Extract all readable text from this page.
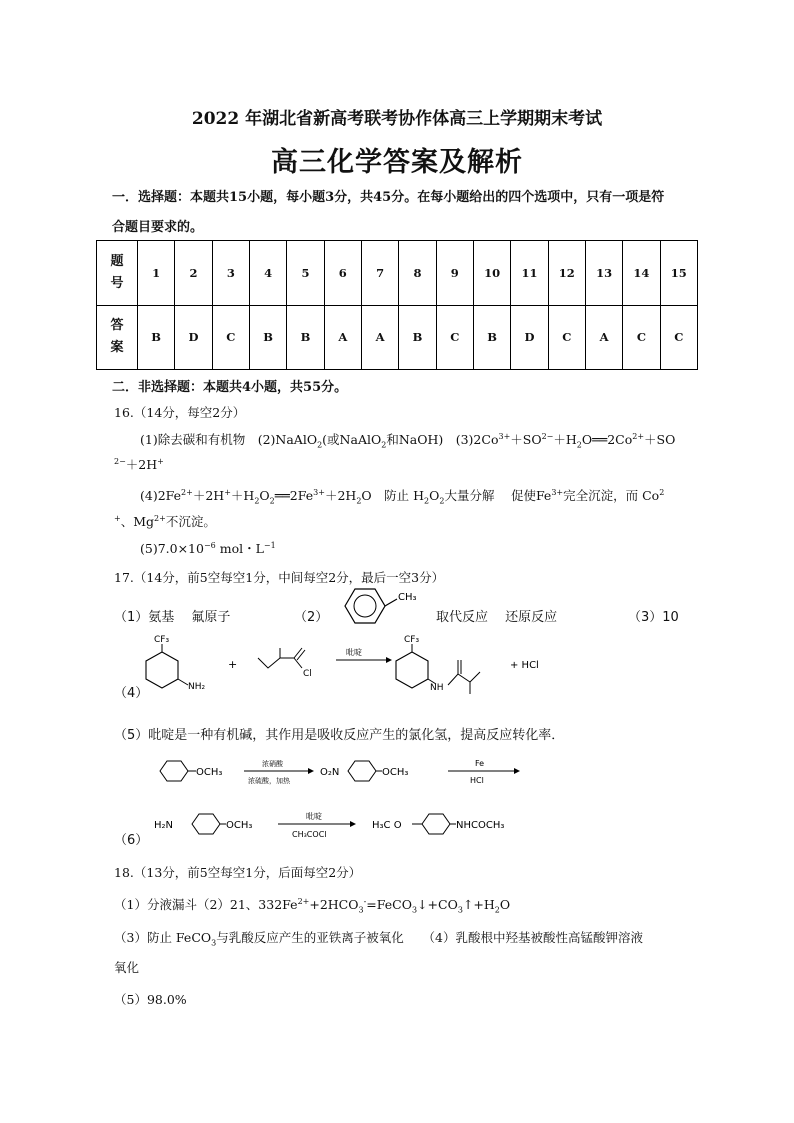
2022 年湖北省新高考联考协作体高三上学期期末考试
高三化学答案及解析
一．选择题：本题共15小题，每小题3分，共45分。在每小题给出的四个选项中，只有一项是符
合题目要求的。
题
号	1	2	3	4	5	6	7	8	9	10	11	12	13	14	15

答
案	B	D	C	B	B	A	A	B	C	B	D	C	A	C	C
二．非选择题：本题共4小题，共55分。
16.（14分，每空2分）
(1)除去碳和有机物　(2)NaAlO$_2$(或NaAlO$_2$和NaOH)　$(3)2Co^{3+}+SO^{2-}+H_2O══2Co^{2+}+SO$
$^{2-}$＋2H+
$(4)2Fe^{2+}+2H^++H_2O_2══2Fe^{3+}+2H_2O$　防止 $H_2O_2$大量分解　 促使$Fe^{3+}$完全沉淀，而 Co$^2$
+、$Mg^{2+}$不沉淀。
$(5)7.0\times 10^{-6}$ mol・$L^{-1}$
17.（14分，前5空每空1分，中间每空2分，最后一空3分）
（1）氨基　 氟原子	（2）
CH₃
取代反应　 还原反应	（3）10
CF₃
NH₂
+
Cl
吡啶
CF₃
NH
+ HCl
（4）
（5）吡啶是一种有机碱，其作用是吸收反应产生的氯化氢，提高反应转化率．
OCH₃
浓硝酸
浓硫酸，加热
O₂N	OCH₃
Fe
HCl
H₂N	OCH₃
吡啶
CH₃COCl
H₃C O	NHCOCH₃
（6）
18.（13分，前5空每空1分，后面每空2分）
（1）分液漏斗（2）21、$332Fe^{2+}+2HCO_3^-=FeCO_3↓+CO_3↑+H_2O$
（3）防止 FeCO$_3$与乳酸反应产生的亚铁离子被氧化　　（4）乳酸根中羟基被酸性高锰酸钾溶液
氧化
（5）98.0%
